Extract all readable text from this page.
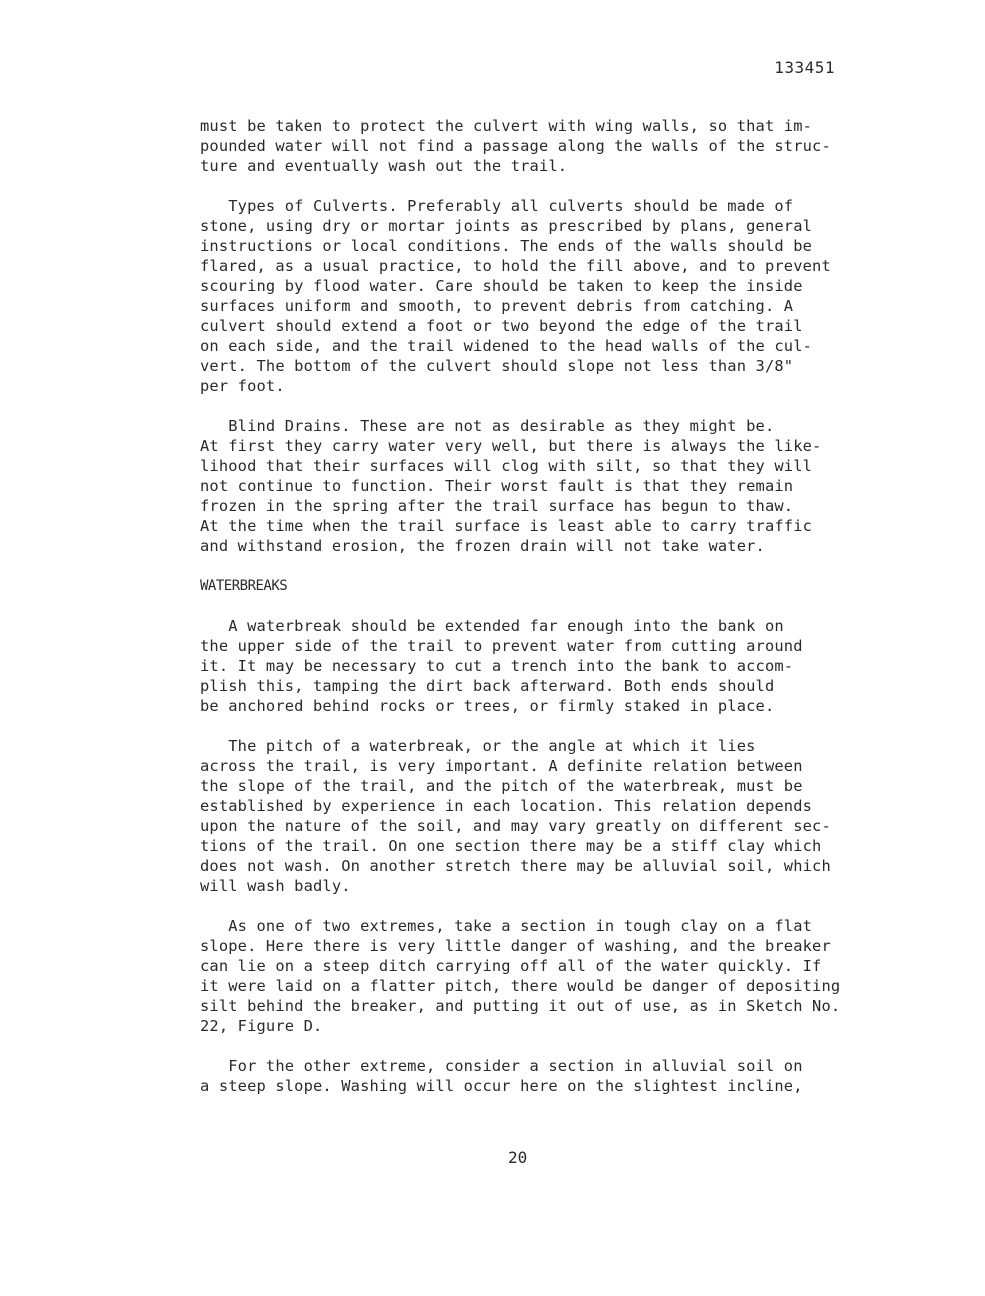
133451
must be taken to protect the culvert with wing walls, so that im-
pounded water will not find a passage along the walls of the struc-
ture and eventually wash out the trail.
Types of Culverts. Preferably all culverts should be made of
stone, using dry or mortar joints as prescribed by plans, general
instructions or local conditions. The ends of the walls should be
flared, as a usual practice, to hold the fill above, and to prevent
scouring by flood water. Care should be taken to keep the inside
surfaces uniform and smooth, to prevent debris from catching. A
culvert should extend a foot or two beyond the edge of the trail
on each side, and the trail widened to the head walls of the cul-
vert. The bottom of the culvert should slope not less than 3/8"
per foot.
Blind Drains. These are not as desirable as they might be.
At first they carry water very well, but there is always the like-
lihood that their surfaces will clog with silt, so that they will
not continue to function. Their worst fault is that they remain
frozen in the spring after the trail surface has begun to thaw.
At the time when the trail surface is least able to carry traffic
and withstand erosion, the frozen drain will not take water.
WATERBREAKS
A waterbreak should be extended far enough into the bank on
the upper side of the trail to prevent water from cutting around
it. It may be necessary to cut a trench into the bank to accom-
plish this, tamping the dirt back afterward. Both ends should
be anchored behind rocks or trees, or firmly staked in place.
The pitch of a waterbreak, or the angle at which it lies
across the trail, is very important. A definite relation between
the slope of the trail, and the pitch of the waterbreak, must be
established by experience in each location. This relation depends
upon the nature of the soil, and may vary greatly on different sec-
tions of the trail. On one section there may be a stiff clay which
does not wash. On another stretch there may be alluvial soil, which
will wash badly.
As one of two extremes, take a section in tough clay on a flat
slope. Here there is very little danger of washing, and the breaker
can lie on a steep ditch carrying off all of the water quickly. If
it were laid on a flatter pitch, there would be danger of depositing
silt behind the breaker, and putting it out of use, as in Sketch No.
22, Figure D.
For the other extreme, consider a section in alluvial soil on
a steep slope. Washing will occur here on the slightest incline,
20
